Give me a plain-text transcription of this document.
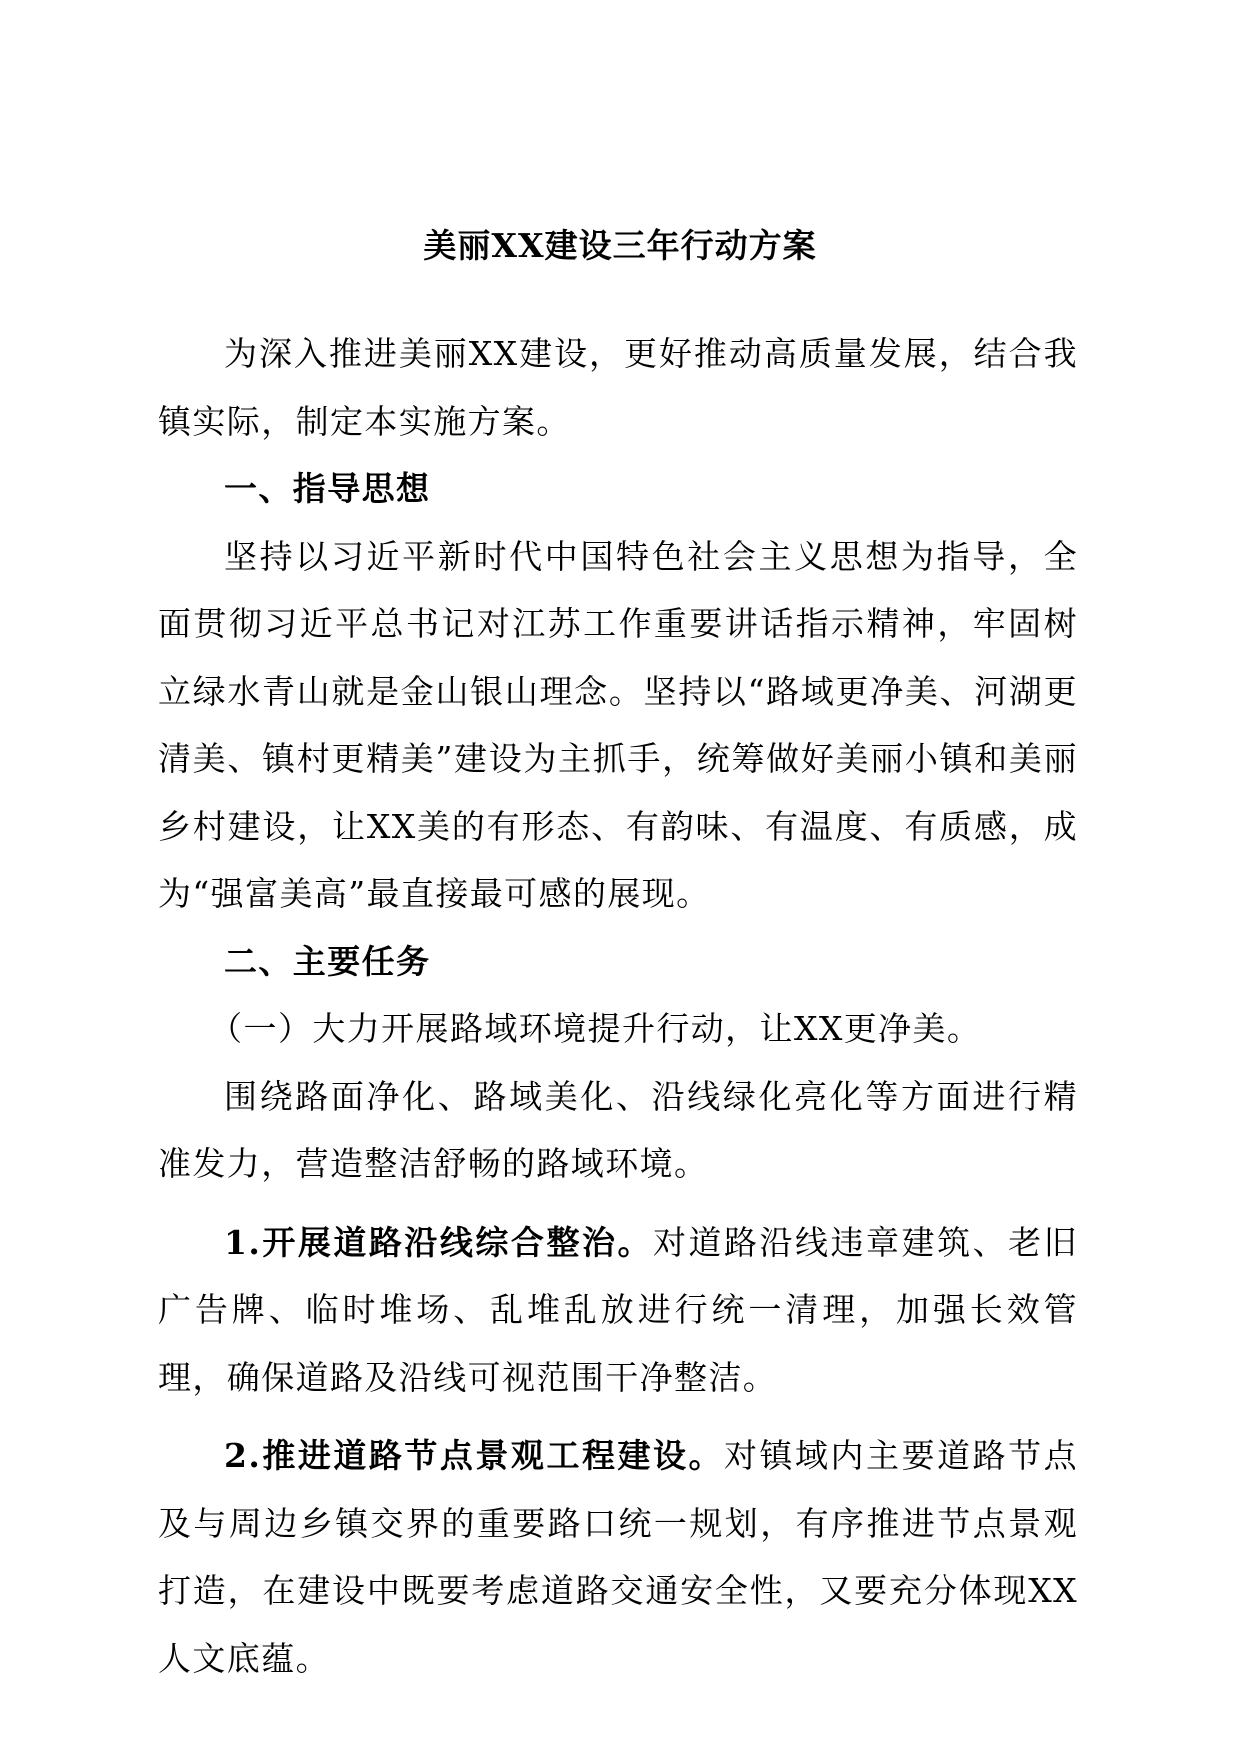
美丽XX建设三年行动方案

为深入推进美丽XX建设，更好推动高质量发展，结合我镇实际，制定本实施方案。

一、指导思想

坚持以习近平新时代中国特色社会主义思想为指导，全面贯彻习近平总书记对江苏工作重要讲话指示精神，牢固树立绿水青山就是金山银山理念。坚持以“路域更净美、河湖更清美、镇村更精美”建设为主抓手，统筹做好美丽小镇和美丽乡村建设，让XX美的有形态、有韵味、有温度、有质感，成为“强富美高”最直接最可感的展现。

二、主要任务

（一）大力开展路域环境提升行动，让XX更净美。

围绕路面净化、路域美化、沿线绿化亮化等方面进行精准发力，营造整洁舒畅的路域环境。

1.开展道路沿线综合整治。对道路沿线违章建筑、老旧广告牌、临时堆场、乱堆乱放进行统一清理，加强长效管理，确保道路及沿线可视范围干净整洁。

2.推进道路节点景观工程建设。对镇域内主要道路节点及与周边乡镇交界的重要路口统一规划，有序推进节点景观打造，在建设中既要考虑道路交通安全性，又要充分体现XX人文底蕴。
